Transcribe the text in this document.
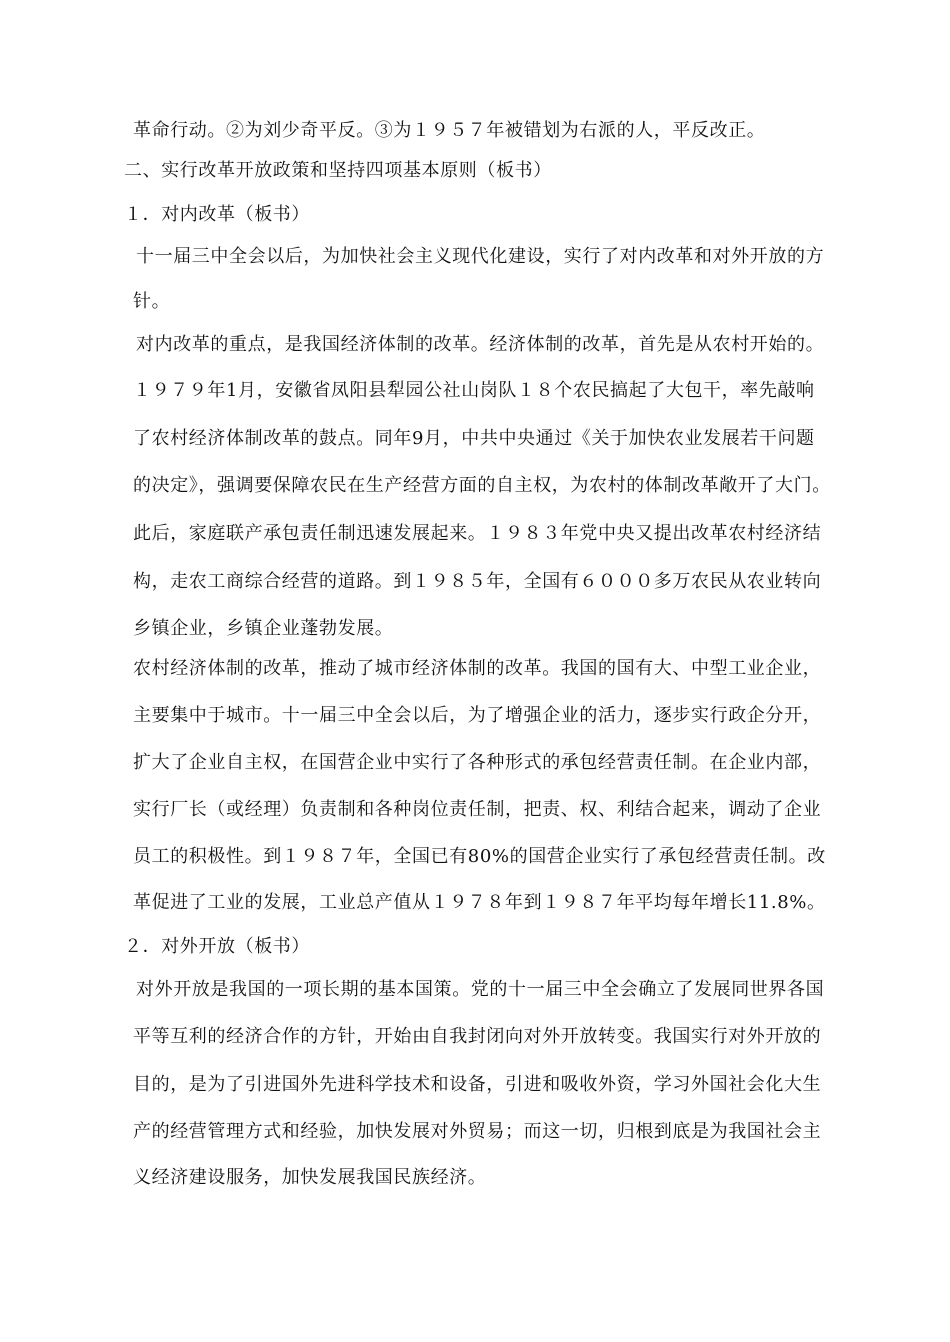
革命行动。②为刘少奇平反。③为１９５７年被错划为右派的人，平反改正。
二、实行改革开放政策和坚持四项基本原则（板书）
１．对内改革（板书）
十一届三中全会以后，为加快社会主义现代化建设，实行了对内改革和对外开放的方
针。
对内改革的重点，是我国经济体制的改革。经济体制的改革，首先是从农村开始的。
１９７９年1月，安徽省凤阳县犁园公社山岗队１８个农民搞起了大包干，率先敲响
了农村经济体制改革的鼓点。同年9月，中共中央通过《关于加快农业发展若干问题
的决定》，强调要保障农民在生产经营方面的自主权，为农村的体制改革敞开了大门。
此后，家庭联产承包责任制迅速发展起来。１９８３年党中央又提出改革农村经济结
构，走农工商综合经营的道路。到１９８５年，全国有６０００多万农民从农业转向
乡镇企业，乡镇企业蓬勃发展。
农村经济体制的改革，推动了城市经济体制的改革。我国的国有大、中型工业企业，
主要集中于城市。十一届三中全会以后，为了增强企业的活力，逐步实行政企分开，
扩大了企业自主权，在国营企业中实行了各种形式的承包经营责任制。在企业内部，
实行厂长（或经理）负责制和各种岗位责任制，把责、权、利结合起来，调动了企业
员工的积极性。到１９８７年，全国已有80%的国营企业实行了承包经营责任制。改
革促进了工业的发展，工业总产值从１９７８年到１９８７年平均每年增长11.8%。
２．对外开放（板书）
对外开放是我国的一项长期的基本国策。党的十一届三中全会确立了发展同世界各国
平等互利的经济合作的方针，开始由自我封闭向对外开放转变。我国实行对外开放的
目的，是为了引进国外先进科学技术和设备，引进和吸收外资，学习外国社会化大生
产的经营管理方式和经验，加快发展对外贸易；而这一切，归根到底是为我国社会主
义经济建设服务，加快发展我国民族经济。
